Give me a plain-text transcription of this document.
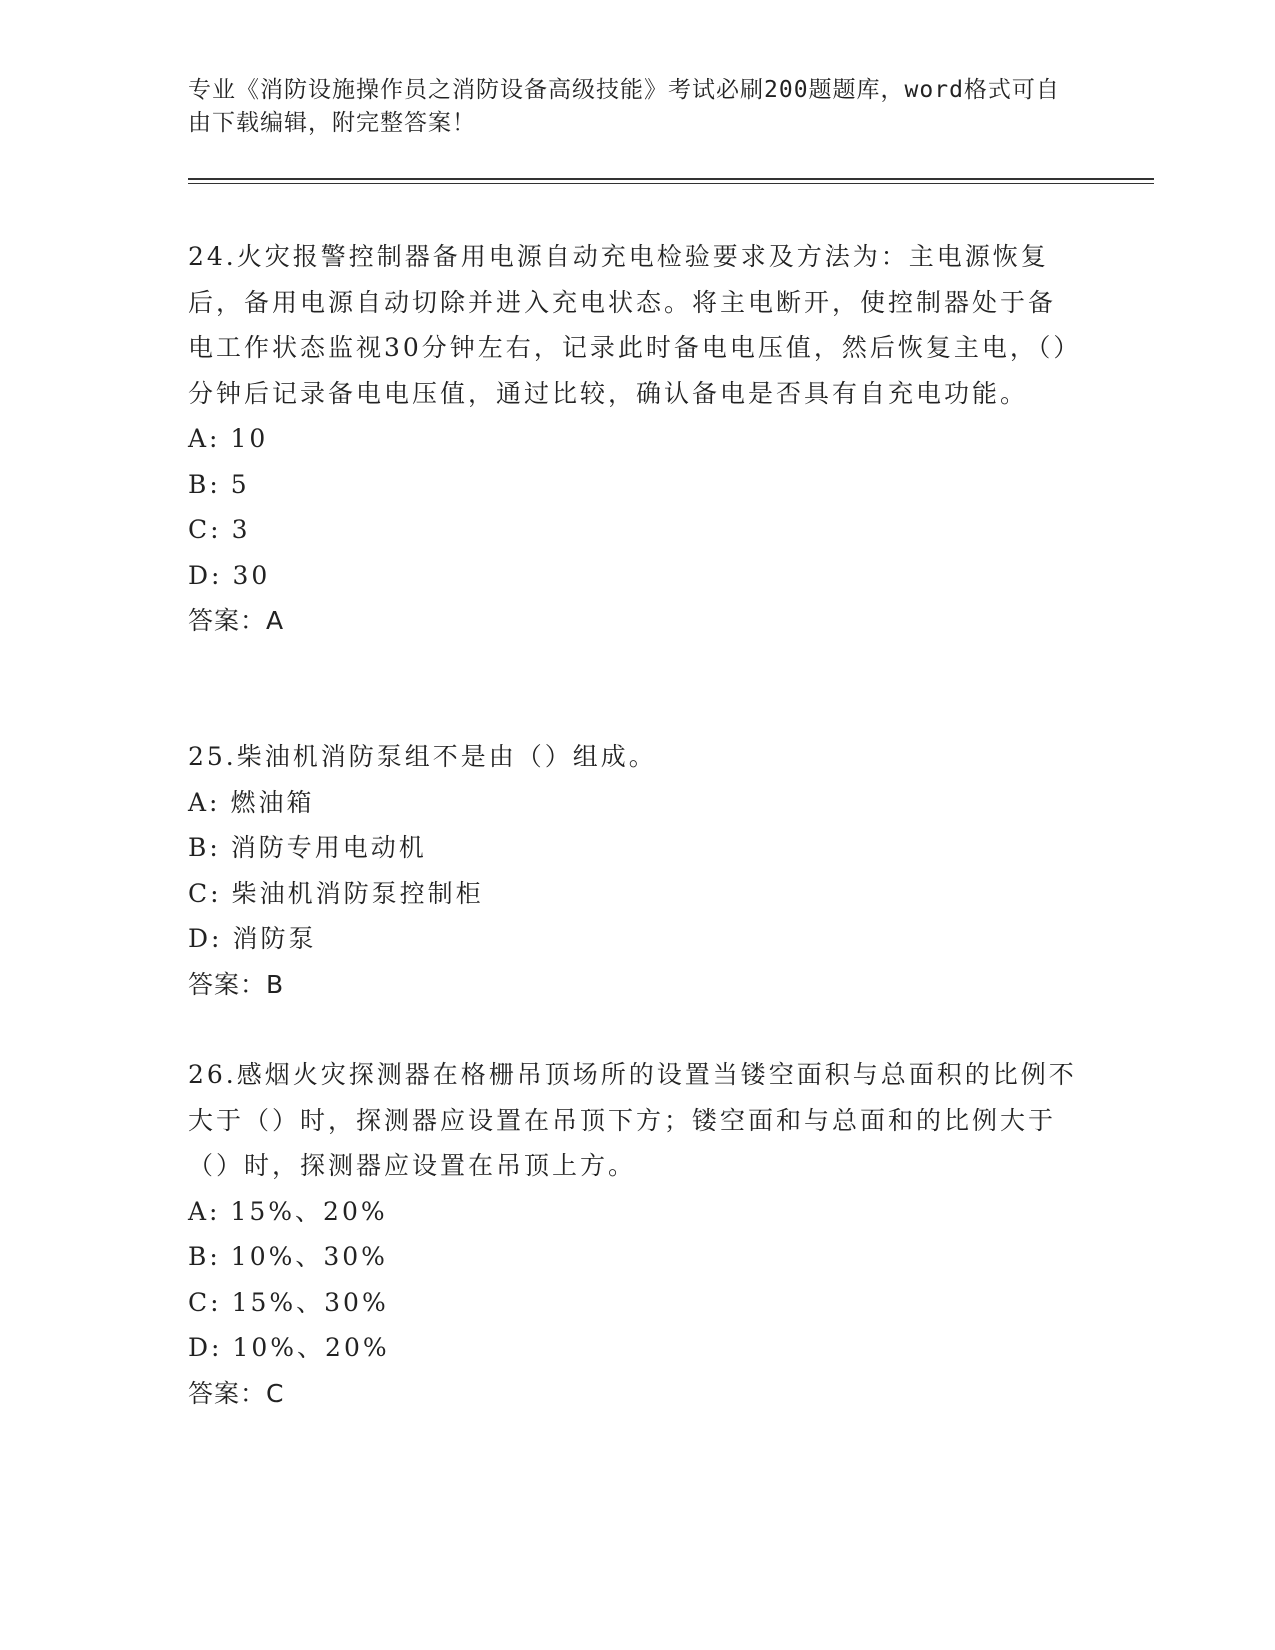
专业《消防设施操作员之消防设备高级技能》考试必刷200题题库，word格式可自由下载编辑，附完整答案！

24.火灾报警控制器备用电源自动充电检验要求及方法为：主电源恢复后，备用电源自动切除并进入充电状态。将主电断开，使控制器处于备电工作状态监视30分钟左右，记录此时备电电压值，然后恢复主电，（）分钟后记录备电电压值，通过比较，确认备电是否具有自充电功能。

A: 10

B: 5

C: 3

D: 30

答案：A

25.柴油机消防泵组不是由（）组成。

A: 燃油箱

B: 消防专用电动机

C: 柴油机消防泵控制柜

D: 消防泵

答案：B

26.感烟火灾探测器在格栅吊顶场所的设置当镂空面积与总面积的比例不大于（）时，探测器应设置在吊顶下方；镂空面和与总面和的比例大于（）时，探测器应设置在吊顶上方。

A: 15%、20%

B: 10%、30%

C: 15%、30%

D: 10%、20%

答案：C
